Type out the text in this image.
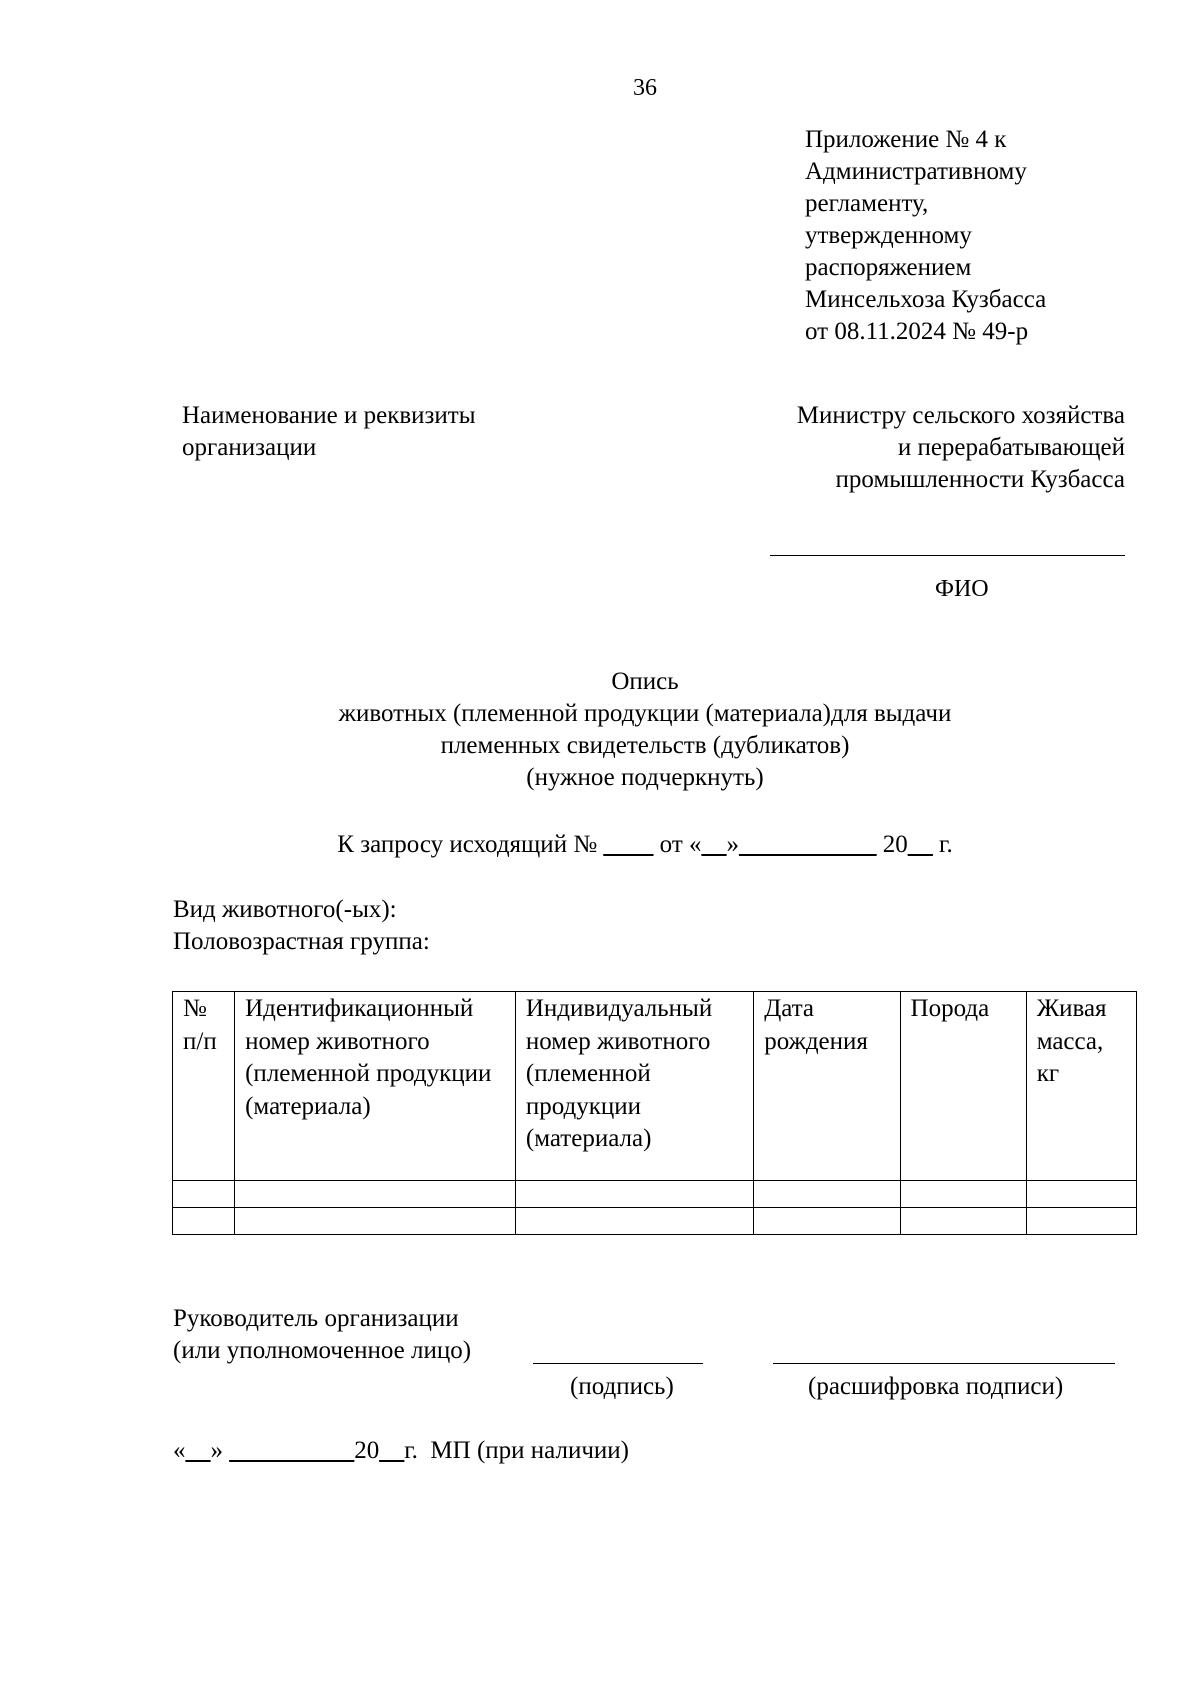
36
Приложение № 4 к
Административному
регламенту,
утвержденному
распоряжением
Минсельхоза Кузбасса
от 08.11.2024 № 49-р
Наименование и реквизиты
организации
Министру сельского хозяйства
и перерабатывающей
промышленности Кузбасса
ФИО
Опись
животных (племенной продукции (материала)для выдачи
племенных свидетельств (дубликатов)
(нужное подчеркнуть)
К запросу исходящий № ____ от «__»___________ 20__ г.
Вид животного(-ых):
Половозрастная группа:
№ п/п	Идентификационный номер животного (племенной продукции (материала)	Индивидуальный номер животного (племенной продукции (материала)	Дата рождения	Порода	Живая масса, кг

Руководитель организации
(или уполномоченное лицо)
(подпись)	(расшифровка подписи)
«__» __________20__г.  МП (при наличии)
